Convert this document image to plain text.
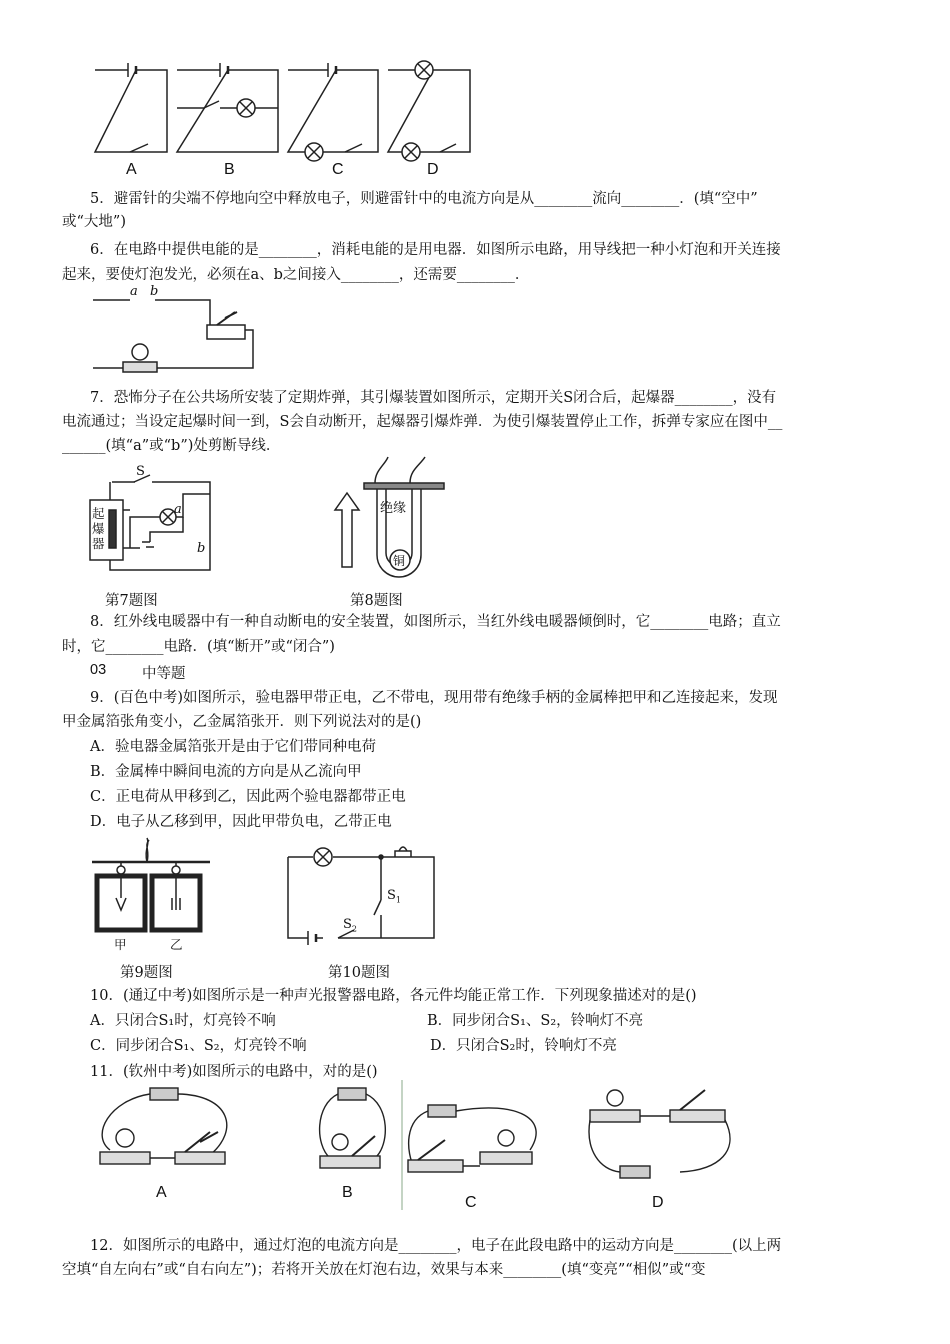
A	B	C	D
5．避雷针的尖端不停地向空中释放电子，则避雷针中的电流方向是从________流向________．(填“空中”
或“大地”)
6．在电路中提供电能的是________，消耗电能的是用电器．如图所示电路，用导线把一种小灯泡和开关连接
起来，要使灯泡发光，必须在a、b之间接入________，还需要________．
a b
7．恐怖分子在公共场所安装了定期炸弹，其引爆装置如图所示，定期开关S闭合后，起爆器________，没有
电流通过；当设定起爆时间一到，S会自动断开，起爆器引爆炸弹．为使引爆装置停止工作，拆弹专家应在图中__
______(填“a”或“b”)处剪断导线．
S
a
b
起爆器
第7题图
绝缘
铜
第8题图
8．红外线电暖器中有一种自动断电的安全装置，如图所示，当红外线电暖器倾倒时，它________电路；直立
时，它________电路．(填“断开”或“闭合”)
03 中等题
9．(百色中考)如图所示，验电器甲带正电，乙不带电，现用带有绝缘手柄的金属棒把甲和乙连接起来，发现
甲金属箔张角变小，乙金属箔张开．则下列说法对的是()
A．验电器金属箔张开是由于它们带同种电荷
B．金属棒中瞬间电流的方向是从乙流向甲
C．正电荷从甲移到乙，因此两个验电器都带正电
D．电子从乙移到甲，因此甲带负电，乙带正电
甲	乙
第9题图
$S_1$
$S_2$
第10题图
10．(通辽中考)如图所示是一种声光报警器电路，各元件均能正常工作．下列现象描述对的是()
A．只闭合S₁时，灯亮铃不响	B．同步闭合S₁、S₂，铃响灯不亮
C．同步闭合S₁、S₂，灯亮铃不响	D．只闭合S₂时，铃响灯不亮
11．(钦州中考)如图所示的电路中，对的是()
A	B
C	D
12．如图所示的电路中，通过灯泡的电流方向是________，电子在此段电路中的运动方向是________(以上两
空填“自左向右”或“自右向左”)；若将开关放在灯泡右边，效果与本来________(填“变亮”“相似”或“变
